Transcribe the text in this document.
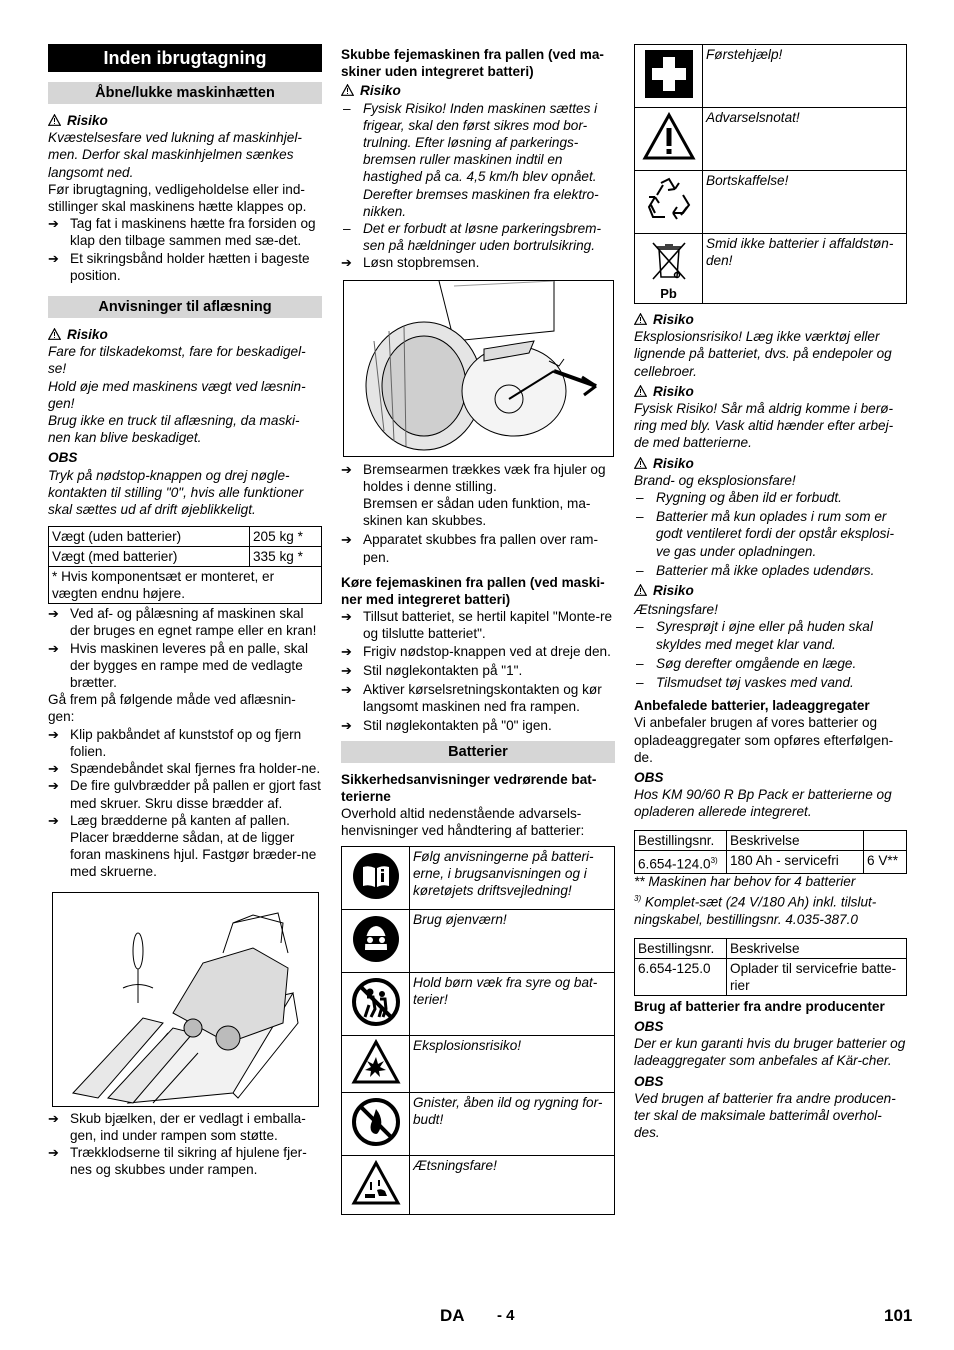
Inden ibrugtagning
Åbne/lukke maskinhætten
Risiko
Kvæstelsesfare ved lukning af maskinhjel-men. Derfor skal maskinhjelmen sænkes langsomt ned.
Før ibrugtagning, vedligeholdelse eller ind-stillinger skal maskinens hætte klappes op.
➔ Tag fat i maskinens hætte fra forsiden og klap den tilbage sammen med sæ-det.
➔ Et sikringsbånd holder hætten i bageste position.
Anvisninger til aflæsning
Risiko
Fare for tilskadekomst, fare for beskadigel-se!
Hold øje med maskinens vægt ved læsnin-gen!
Brug ikke en truck til aflæsning, da maski-nen kan blive beskadiget.
OBS
Tryk på nødstop-knappen og drej nøgle-kontakten til stilling "0", hvis alle funktioner skal sættes ud af drift øjeblikkeligt.
Vægt (uden batterier)	205 kg *
Vægt (med batterier)	335 kg *
* Hvis komponentsæt er monteret, er vægten endnu højere.	
➔ Ved af- og pålæsning af maskinen skal der bruges en egnet rampe eller en kran!
➔ Hvis maskinen leveres på en palle, skal der bygges en rampe med de vedlagte brætter.
Gå frem på følgende måde ved aflæsnin-gen:
➔ Klip pakbåndet af kunststof op og fjern folien.
➔ Spændebåndet skal fjernes fra holder-ne.
➔ De fire gulvbrædder på pallen er gjort fast med skruer. Skru disse brædder af.
➔ Læg brædderne på kanten af pallen. Placer brædderne sådan, at de ligger foran maskinens hjul. Fastgør bræder-ne med skruerne.
➔ Skub bjælken, der er vedlagt i emballa-gen, ind under rampen som støtte.
➔ Trækklodserne til sikring af hjulene fjer-nes og skubbes under rampen.
Skubbe fejemaskinen fra pallen (ved ma-skiner uden integreret batteri)
Risiko
– Fysisk Risiko! Inden maskinen sættes i frigear, skal den først sikres mod bor-trulning. Efter løsning af parkerings-bremsen ruller maskinen indtil en hastighed på ca. 4,5 km/h blev opnået. Derefter bremses maskinen fra elektro-nikken.
– Det er forbudt at løsne parkeringsbrem-sen på hældninger uden bortrulsikring.
➔ Løsn stopbremsen.
➔ Bremsearmen trækkes væk fra hjuler og holdes i denne stilling.
Bremsen er sådan uden funktion, ma-skinen kan skubbes.
➔ Apparatet skubbes fra pallen over ram-pen.
Køre fejemaskinen fra pallen (ved maski-ner med integreret batteri)
➔ Tillsut batteriet, se hertil kapitel "Monte-re og tilslutte batteriet".
➔ Frigiv nødstop-knappen ved at dreje den.
➔ Stil nøglekontakten på "1".
➔ Aktiver kørselsretningskontakten og kør langsomt maskinen ned fra rampen.
➔ Stil nøglekontakten på "0" igen.
Batterier
Sikkerhedsanvisninger vedrørende bat-terierne
Overhold altid nedenstående advarsels-henvisninger ved håndtering af batterier:
	Følg anvisningerne på batteri-erne, i brugsanvisningen og i køretøjets driftsvejledning!
	Brug øjenværn!
	Hold børn væk fra syre og bat-terier!
	Eksplosionsrisiko!
	Gnister, åben ild og rygning for-budt!
	Ætsningsfare!
	Førstehjælp!
	Advarselsnotat!
	Bortskaffelse!

Pb	Smid ikke batterier i affaldstøn-den!
Risiko
Eksplosionsrisiko! Læg ikke værktøj eller lignende på batteriet, dvs. på endepoler og cellebroer.
Risiko
Fysisk Risiko! Sår må aldrig komme i berø-ring med bly. Vask altid hænder efter arbej-de med batterierne.
Risiko
Brand- og eksplosionsfare!
– Rygning og åben ild er forbudt.
– Batterier må kun oplades i rum som er godt ventileret fordi der opstår eksplosi-ve gas under opladningen.
– Batterier må ikke oplades udendørs.
Risiko
Ætsningsfare!
– Syresprøjt i øjne eller på huden skal skyldes med meget klar vand.
– Søg derefter omgående en læge.
– Tilsmudset tøj vaskes med vand.
Anbefalede batterier, ladeaggregater
Vi anbefaler brugen af vores batterier og opladeaggregater som opføres efterfølgen-de.
OBS
Hos KM 90/60 R Bp Pack er batterierne og opladeren allerede integreret.
Bestillingsnr.	Beskrivelse	
6.654-124.0$^{3)}$	180 Ah - servicefri	6 V**
** Maskinen har behov for 4 batterier
$^{3)}$ Komplet-sæt (24 V/180 Ah) inkl. tilslut-ningskabel, bestillingsnr. 4.035-387.0
Bestillingsnr.	Beskrivelse
6.654-125.0	Oplader til servicefrie batte-rier
Brug af batterier fra andre producenter
OBS
Der er kun garanti hvis du bruger batterier og ladeaggregater som anbefales af Kär-cher.
OBS
Ved brugen af batterier fra andre producen-ter skal de maksimale batterimål overhol-des.
DA - 4	101
